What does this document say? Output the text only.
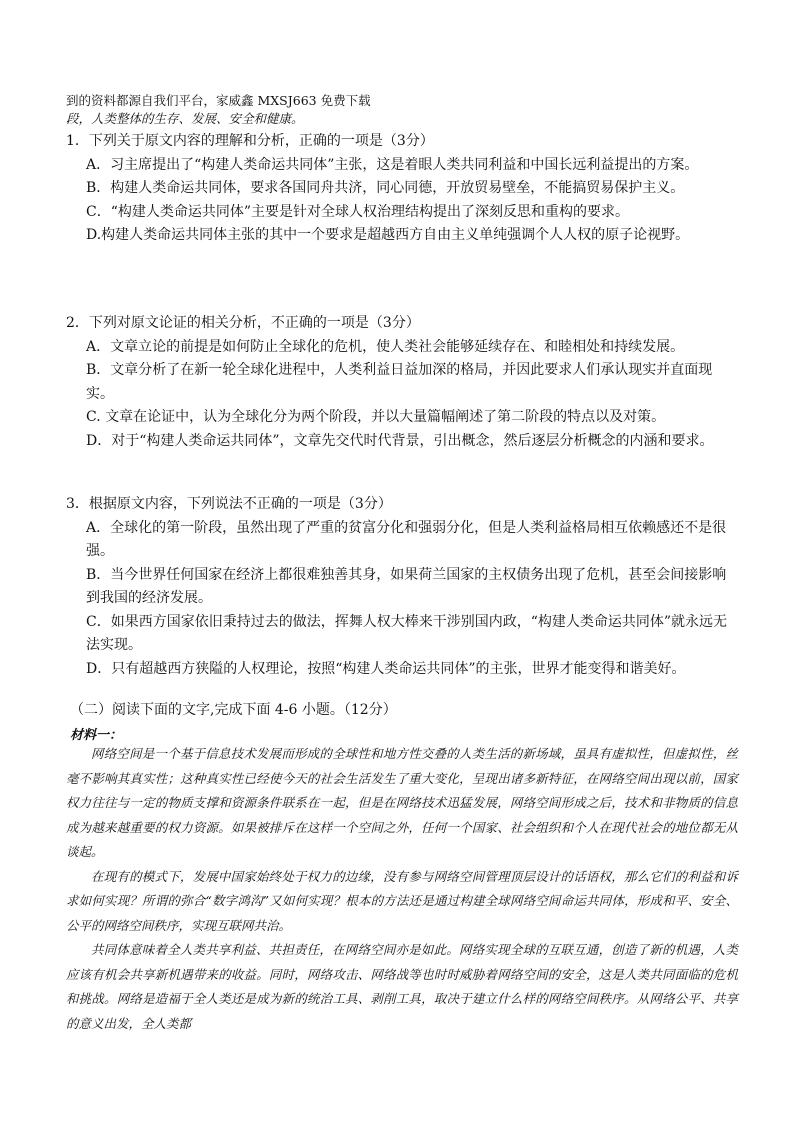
到的资料都源自我们平台，家威鑫 MXSJ663 免费下载
段，人类整体的生存、发展、安全和健康。
1．下列关于原文内容的理解和分析，正确的一项是（3分）
A．习主席提出了“构建人类命运共同体”主张，这是着眼人类共同利益和中国长远利益提出的方案。
B．构建人类命运共同体，要求各国同舟共济，同心同德，开放贸易壁垒，不能搞贸易保护主义。
C．“构建人类命运共同体”主要是针对全球人权治理结构提出了深刻反思和重构的要求。
D.构建人类命运共同体主张的其中一个要求是超越西方自由主义单纯强调个人人权的原子论视野。
2．下列对原文论证的相关分析，不正确的一项是（3分）
A．文章立论的前提是如何防止全球化的危机，使人类社会能够延续存在、和睦相处和持续发展。
B．文章分析了在新一轮全球化进程中，人类利益日益加深的格局，并因此要求人们承认现实并直面现实。
C. 文章在论证中，认为全球化分为两个阶段，并以大量篇幅阐述了第二阶段的特点以及对策。
D．对于“构建人类命运共同体”，文章先交代时代背景，引出概念，然后逐层分析概念的内涵和要求。
3．根据原文内容，下列说法不正确的一项是（3分）
A．全球化的第一阶段，虽然出现了严重的贫富分化和强弱分化，但是人类利益格局相互依赖感还不是很强。
B．当今世界任何国家在经济上都很难独善其身，如果荷兰国家的主权债务出现了危机，甚至会间接影响到我国的经济发展。
C．如果西方国家依旧秉持过去的做法，挥舞人权大棒来干涉别国内政，“构建人类命运共同体”就永远无法实现。
D．只有超越西方狭隘的人权理论，按照“构建人类命运共同体”的主张，世界才能变得和谐美好。
（二）阅读下面的文字,完成下面 4-6 小题。（12分）
材料一：

网络空间是一个基于信息技术发展而形成的全球性和地方性交叠的人类生活的新场域，虽具有虚拟性，但虚拟性，丝毫不影响其真实性；这种真实性已经使今天的社会生活发生了重大变化，呈现出诸多新特征，在网络空间出现以前，国家权力往往与一定的物质支撑和资源条件联系在一起，但是在网络技术迅猛发展，网络空间形成之后，技术和非物质的信息成为越来越重要的权力资源。如果被排斥在这样一个空间之外，任何一个国家、社会组织和个人在现代社会的地位都无从谈起。

在现有的模式下，发展中国家始终处于权力的边缘，没有参与网络空间管理顶层设计的话语权，那么它们的利益和诉求如何实现？所谓的弥合“数字鸿沟”又如何实现？根本的方法还是通过构建全球网络空间命运共同体，形成和平、安全、公平的网络空间秩序，实现互联网共治。

共同体意味着全人类共享利益、共担责任，在网络空间亦是如此。网络实现全球的互联互通，创造了新的机遇，人类应该有机会共享新机遇带来的收益。同时，网络攻击、网络战等也时时威胁着网络空间的安全，这是人类共同面临的危机和挑战。网络是造福于全人类还是成为新的统治工具、剥削工具，取决于建立什么样的网络空间秩序。从网络公平、共享的意义出发，全人类都
